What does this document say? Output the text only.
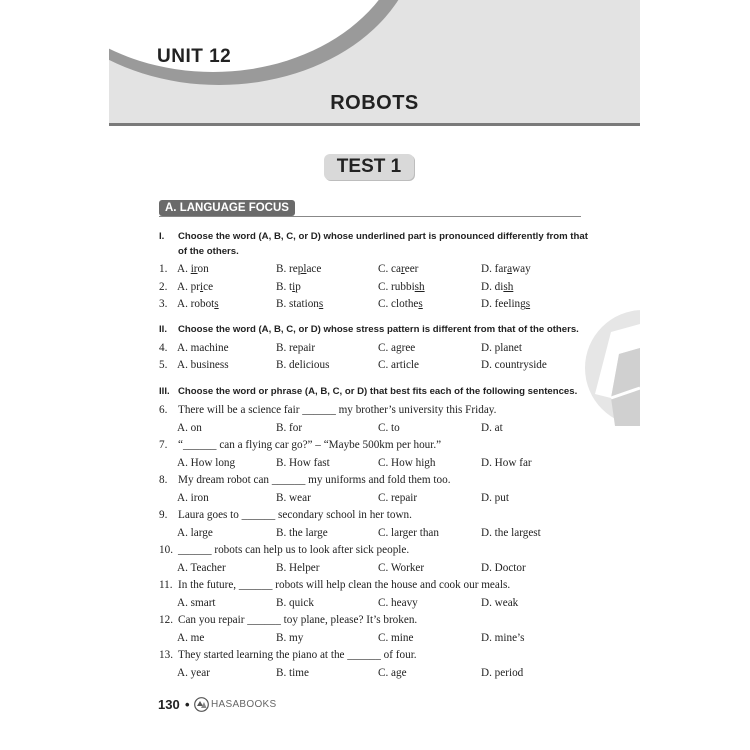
UNIT 12
ROBOTS
TEST 1
A. LANGUAGE FOCUS
I. Choose the word (A, B, C, or D) whose underlined part is pronounced differently from that of the others.
1. A. iron	B. replace	C. career	D. faraway
2. A. price	B. tip	C. rubbish	D. dish
3. A. robots	B. stations	C. clothes	D. feelings
II. Choose the word (A, B, C, or D) whose stress pattern is different from that of the others.
4. A. machine	B. repair	C. agree	D. planet
5. A. business	B. delicious	C. article	D. countryside
III. Choose the word or phrase (A, B, C, or D) that best fits each of the following sentences.
6. There will be a science fair ______ my brother’s university this Friday.
A. on	B. for	C. to	D. at
7. “______ can a flying car go?” – “Maybe 500km per hour.”
A. How long	B. How fast	C. How high	D. How far
8. My dream robot can ______ my uniforms and fold them too.
A. iron	B. wear	C. repair	D. put
9. Laura goes to ______ secondary school in her town.
A. large	B. the large	C. larger than	D. the largest
10. ______ robots can help us to look after sick people.
A. Teacher	B. Helper	C. Worker	D. Doctor
11. In the future, ______ robots will help clean the house and cook our meals.
A. smart	B. quick	C. heavy	D. weak
12. Can you repair ______ toy plane, please? It’s broken.
A. me	B. my	C. mine	D. mine’s
13. They started learning the piano at the ______ of four.
A. year	B. time	C. age	D. period
130 • HASABOOKS
